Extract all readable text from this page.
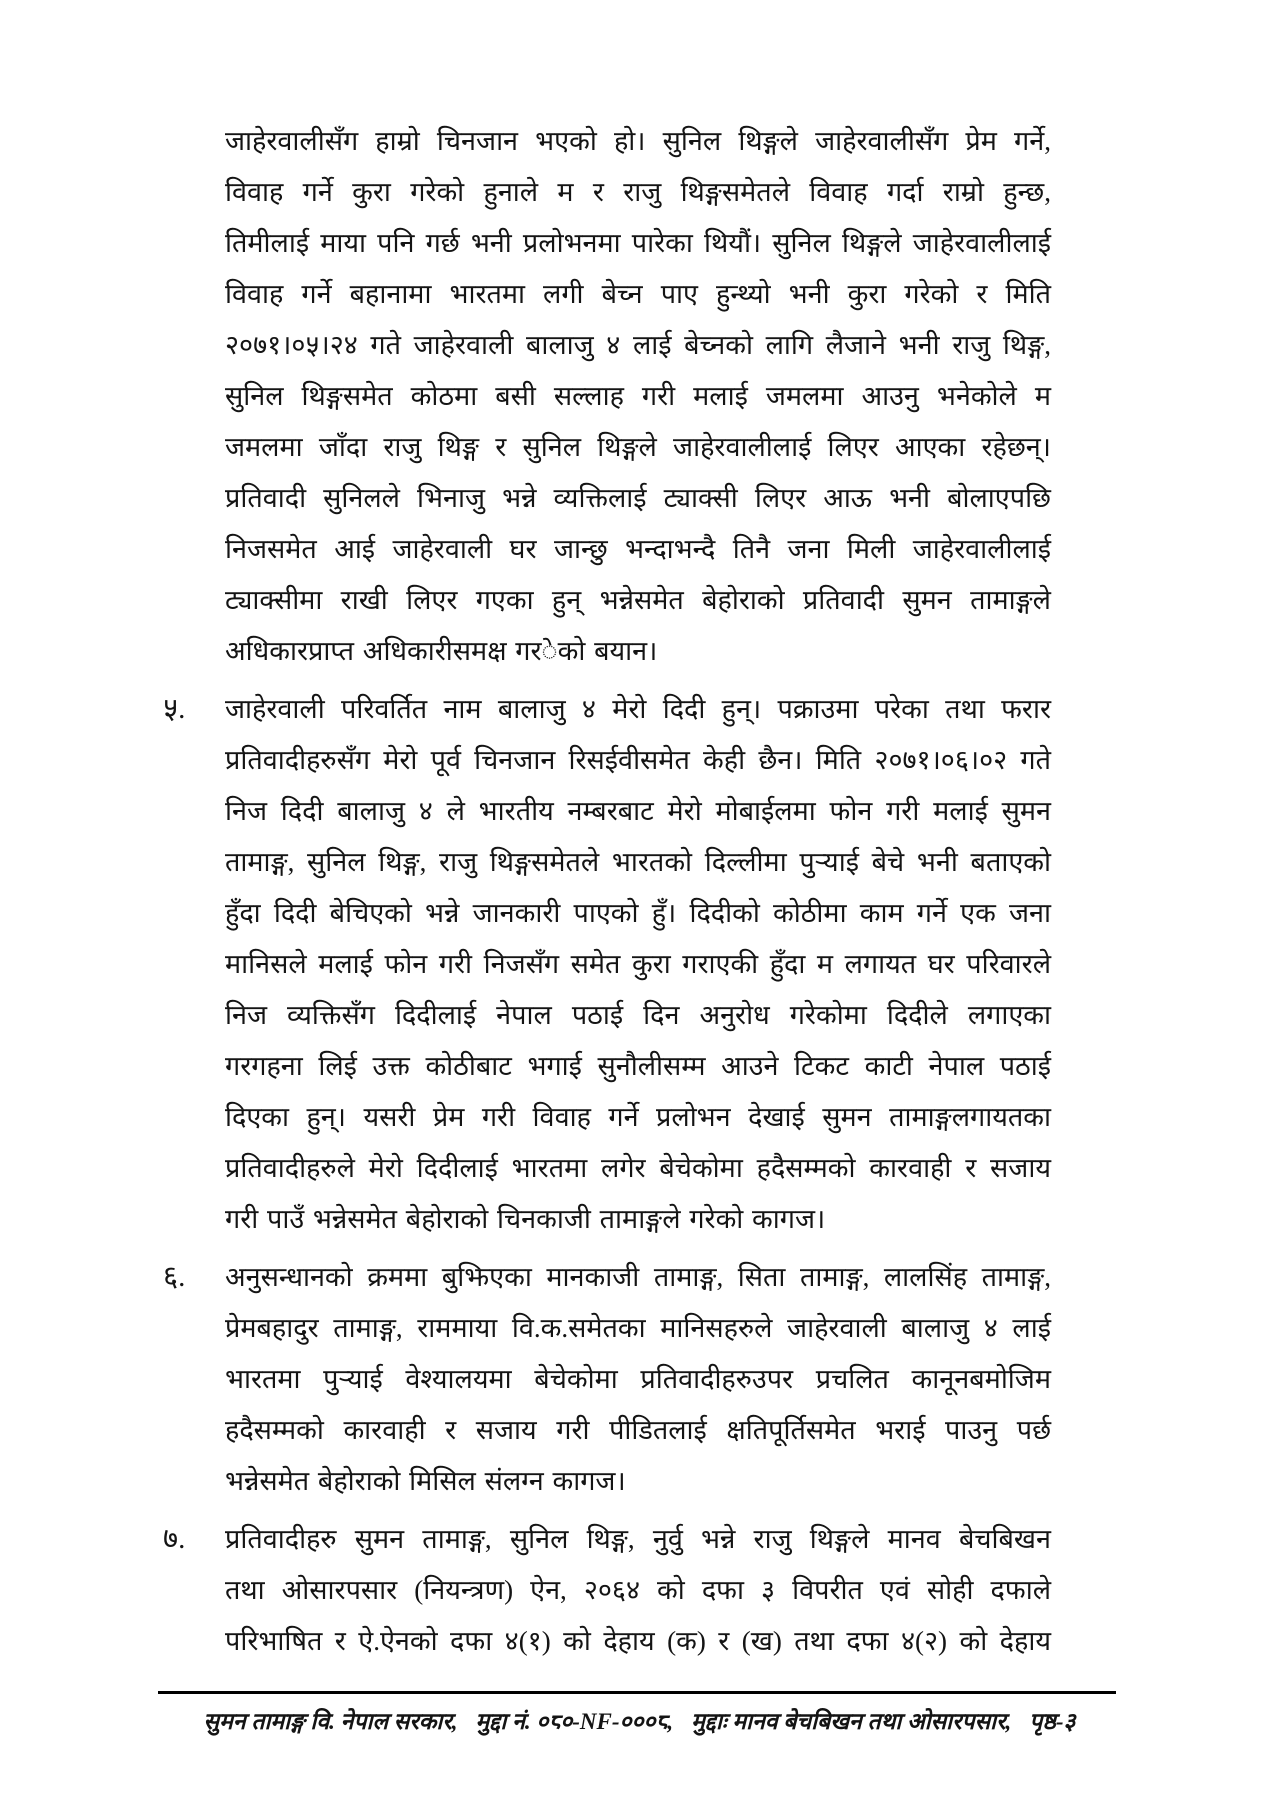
जाहेरवालीसँग हाम्रो चिनजान भएको हो। सुनिल थिङ्गले जाहेरवालीसँग प्रेम गर्ने,
विवाह गर्ने कुरा गरेको हुनाले म र राजु थिङ्गसमेतले विवाह गर्दा राम्रो हुन्छ,
तिमीलाई माया पनि गर्छ भनी प्रलोभनमा पारेका थियौं। सुनिल थिङ्गले जाहेरवालीलाई
विवाह गर्ने बहानामा भारतमा लगी बेच्न पाए हुन्थ्यो भनी कुरा गरेको र मिति
२०७१।०५।२४ गते जाहेरवाली बालाजु ४ लाई बेच्नको लागि लैजाने भनी राजु थिङ्ग,
सुनिल थिङ्गसमेत कोठमा बसी सल्लाह गरी मलाई जमलमा आउनु भनेकोले म
जमलमा जाँदा राजु थिङ्ग र सुनिल थिङ्गले जाहेरवालीलाई लिएर आएका रहेछन्।
प्रतिवादी सुनिलले भिनाजु भन्ने व्यक्तिलाई ट्याक्सी लिएर आऊ भनी बोलाएपछि
निजसमेत आई जाहेरवाली घर जान्छु भन्दाभन्दै तिनै जना मिली जाहेरवालीलाई
ट्याक्सीमा राखी लिएर गएका हुन् भन्नेसमेत बेहोराको प्रतिवादी सुमन तामाङ्गले
अधिकारप्राप्त अधिकारीसमक्ष गर◌ेको बयान।
५. जाहेरवाली परिवर्तित नाम बालाजु ४ मेरो दिदी हुन्। पक्राउमा परेका तथा फरार
प्रतिवादीहरुसँग मेरो पूर्व चिनजान रिसईवीसमेत केही छैन। मिति २०७१।०६।०२ गते
निज दिदी बालाजु ४ ले भारतीय नम्बरबाट मेरो मोबाईलमा फोन गरी मलाई सुमन
तामाङ्ग, सुनिल थिङ्ग, राजु थिङ्गसमेतले भारतको दिल्लीमा पुऱ्याई बेचे भनी बताएको
हुँदा दिदी बेचिएको भन्ने जानकारी पाएको हुँ। दिदीको कोठीमा काम गर्ने एक जना
मानिसले मलाई फोन गरी निजसँग समेत कुरा गराएकी हुँदा म लगायत घर परिवारले
निज व्यक्तिसँग दिदीलाई नेपाल पठाई दिन अनुरोध गरेकोमा दिदीले लगाएका
गरगहना लिई उक्त कोठीबाट भगाई सुनौलीसम्म आउने टिकट काटी नेपाल पठाई
दिएका हुन्। यसरी प्रेम गरी विवाह गर्ने प्रलोभन देखाई सुमन तामाङ्गलगायतका
प्रतिवादीहरुले मेरो दिदीलाई भारतमा लगेर बेचेकोमा हदैसम्मको कारवाही र सजाय
गरी पाउँ भन्नेसमेत बेहोराको चिनकाजी तामाङ्गले गरेको कागज।
६. अनुसन्धानको क्रममा बुझिएका मानकाजी तामाङ्ग, सिता तामाङ्ग, लालसिंह तामाङ्ग,
प्रेमबहादुर तामाङ्ग, राममाया वि.क.समेतका मानिसहरुले जाहेरवाली बालाजु ४ लाई
भारतमा पुऱ्याई वेश्यालयमा बेचेकोमा प्रतिवादीहरुउपर प्रचलित कानूनबमोजिम
हदैसम्मको कारवाही र सजाय गरी पीडितलाई क्षतिपूर्तिसमेत भराई पाउनु पर्छ
भन्नेसमेत बेहोराको मिसिल संलग्न कागज।
७. प्रतिवादीहरु सुमन तामाङ्ग, सुनिल थिङ्ग, नुर्वु भन्ने राजु थिङ्गले मानव बेचबिखन
तथा ओसारपसार (नियन्त्रण) ऐन, २०६४ को दफा ३ विपरीत एवं सोही दफाले
परिभाषित र ऐ.ऐनको दफा ४(१) को देहाय (क) र (ख) तथा दफा ४(२) को देहाय
सुमन तामाङ्ग वि. नेपाल सरकार, मुद्दा नं. ०८०-NF-०००८, मुद्दाः मानव बेचबिखन तथा ओसारपसार, पृष्ठ-३
